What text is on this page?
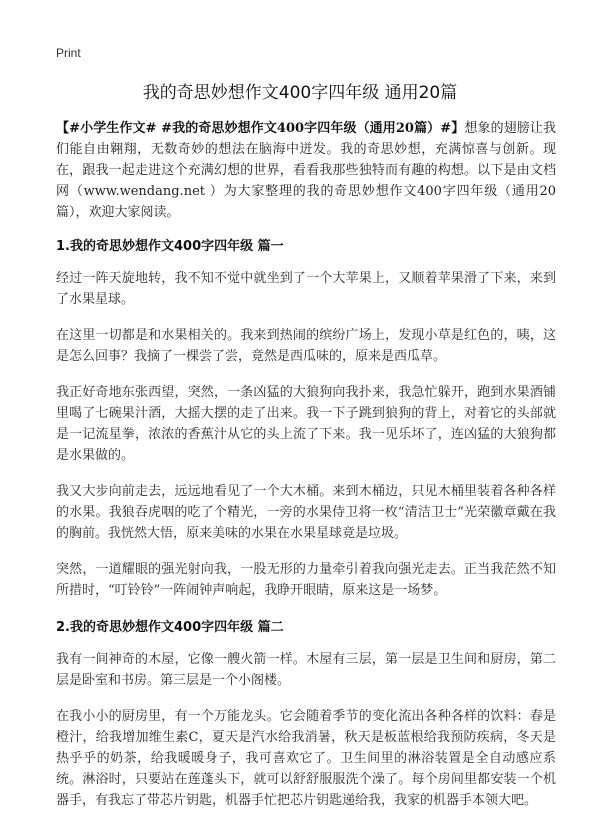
Print
我的奇思妙想作文400字四年级 通用20篇

【#小学生作文# #我的奇思妙想作文400字四年级（通用20篇）#】想象的翅膀让我们能自由翱翔，无数奇妙的想法在脑海中迸发。我的奇思妙想，充满惊喜与创新。现在，跟我一起走进这个充满幻想的世界，看看我那些独特而有趣的构想。以下是由文档网（www.wendang.net ）为大家整理的我的奇思妙想作文400字四年级（通用20篇），欢迎大家阅读。

1.我的奇思妙想作文400字四年级 篇一

经过一阵天旋地转，我不知不觉中就坐到了一个大苹果上，又顺着苹果滑了下来，来到了水果星球。

在这里一切都是和水果相关的。我来到热闹的缤纷广场上，发现小草是红色的，咦，这是怎么回事？我摘了一棵尝了尝，竟然是西瓜味的，原来是西瓜草。

我正好奇地东张西望，突然，一条凶猛的大狼狗向我扑来，我急忙躲开，跑到水果酒铺里喝了七碗果汁酒，大摇大摆的走了出来。我一下子跳到狼狗的背上，对着它的头部就是一记流星拳，浓浓的香蕉汁从它的头上流了下来。我一见乐坏了，连凶猛的大狼狗都是水果做的。

我又大步向前走去，远远地看见了一个大木桶。来到木桶边，只见木桶里装着各种各样的水果。我狼吞虎咽的吃了个精光，一旁的水果侍卫将一枚“清洁卫士”光荣徽章戴在我的胸前。我恍然大悟，原来美味的水果在水果星球竟是垃圾。

突然，一道耀眼的强光射向我，一股无形的力量牵引着我向强光走去。正当我茫然不知所措时，“叮铃铃”一阵闹钟声响起，我睁开眼睛，原来这是一场梦。

2.我的奇思妙想作文400字四年级 篇二

我有一间神奇的木屋，它像一艘火箭一样。木屋有三层，第一层是卫生间和厨房，第二层是卧室和书房。第三层是一个小阁楼。

在我小小的厨房里，有一个万能龙头。它会随着季节的变化流出各种各样的饮料：春是橙汁，给我增加维生素C，夏天是汽水给我消暑，秋天是板蓝根给我预防疾病，冬天是热乎乎的奶茶，给我暖暖身子，我可喜欢它了。卫生间里的淋浴装置是全自动感应系统。淋浴时，只要站在莲蓬头下，就可以舒舒服服洗个澡了。每个房间里都安装一个机器手，有我忘了带芯片钥匙，机器手忙把芯片钥匙递给我，我家的机器手本领大吧。
